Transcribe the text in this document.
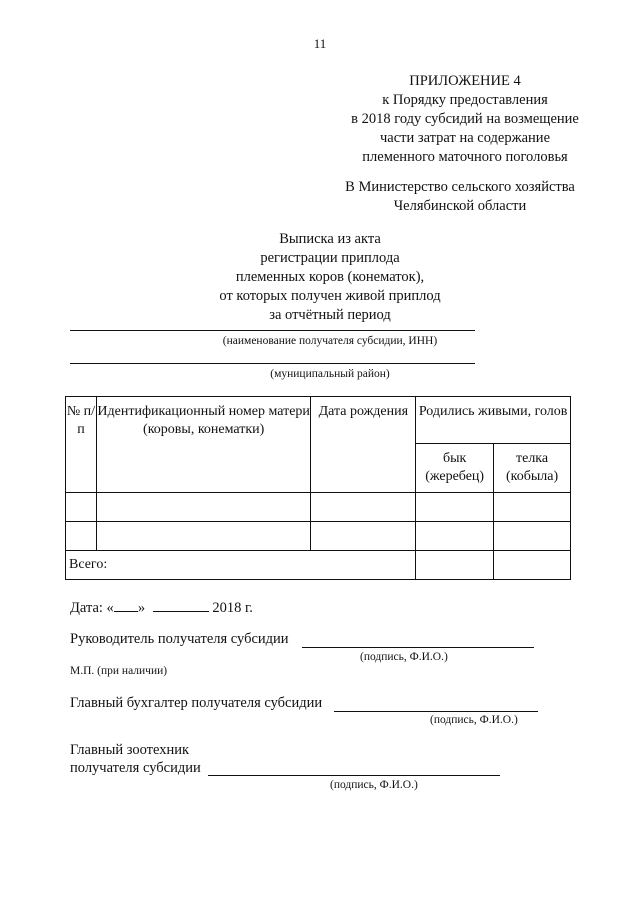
11
ПРИЛОЖЕНИЕ 4
к Порядку предоставления
в 2018 году субсидий на возмещение
части затрат на содержание
племенного маточного поголовья
В Министерство сельского хозяйства
Челябинской области
Выписка из акта
регистрации приплода
племенных коров (конематок),
от которых получен живой приплод
за отчётный период
(наименование получателя субсидии, ИНН)
(муниципальный район)
№ п/п	Идентификационный номер матери (коровы, конематки)	Дата рождения	Родились живыми, голов	
			бык (жеребец)	телка (кобыла)

Всего:				
Дата: « »	2018 г.
Руководитель получателя субсидии
(подпись, Ф.И.О.)
М.П. (при наличии)
Главный бухгалтер получателя субсидии
(подпись, Ф.И.О.)
Главный зоотехник
получателя субсидии
(подпись, Ф.И.О.)
